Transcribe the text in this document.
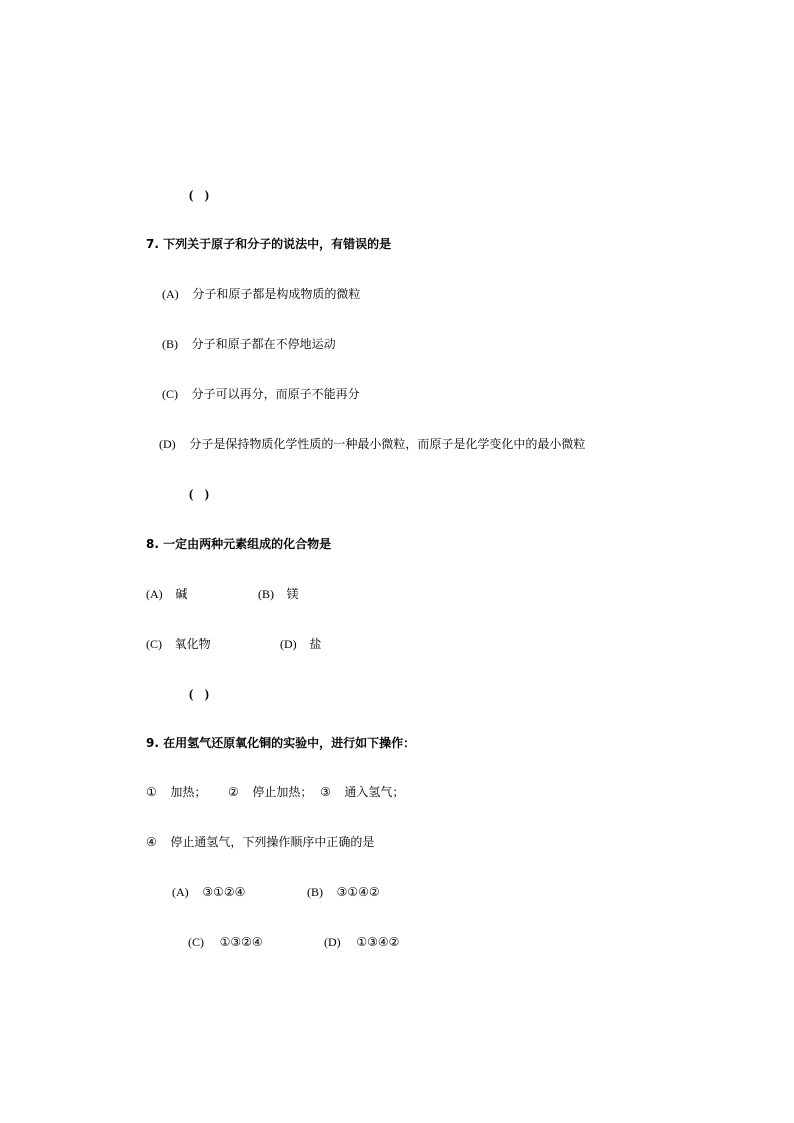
( )
7. 下列关于原子和分子的说法中，有错误的是
(A) 分子和原子都是构成物质的微粒
(B) 分子和原子都在不停地运动
(C) 分子可以再分，而原子不能再分
(D) 分子是保持物质化学性质的一种最小微粒，而原子是化学变化中的最小微粒
( )
8. 一定由两种元素组成的化合物是
(A) 碱	(B) 镁
(C) 氧化物	(D) 盐
( )
9. 在用氢气还原氧化铜的实验中，进行如下操作：
① 加热； ② 停止加热； ③ 通入氢气；
④ 停止通氢气，下列操作顺序中正确的是
(A) ③①②④	(B) ③①④②
(C) ①③②④	(D) ①③④②
